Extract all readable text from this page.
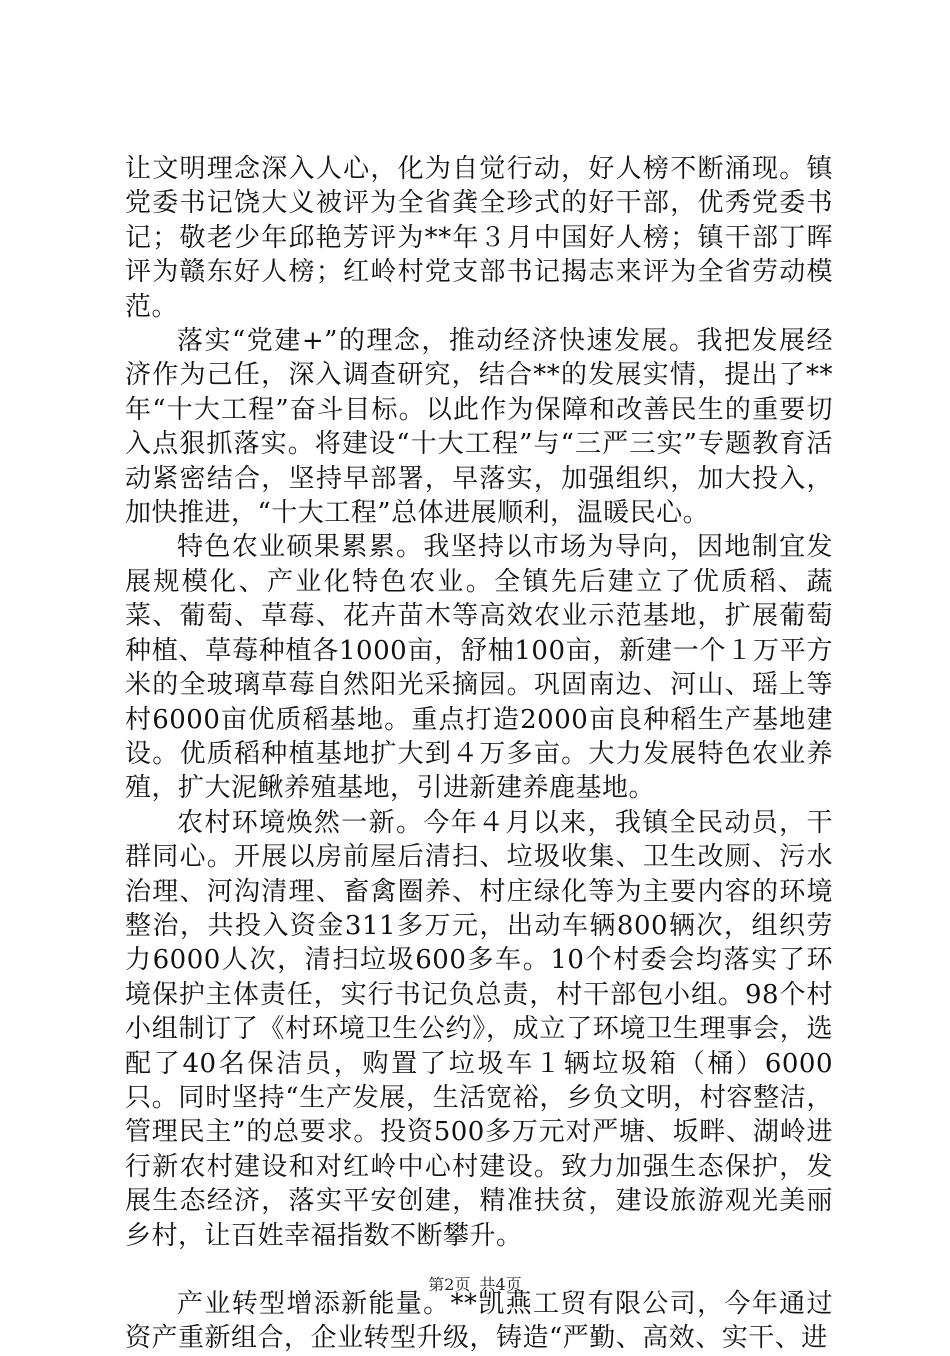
让文明理念深入人心，化为自觉行动，好人榜不断涌现。镇党委书记饶大义被评为全省龚全珍式的好干部，优秀党委书记；敬老少年邱艳芳评为**年３月中国好人榜；镇干部丁晖评为赣东好人榜；红岭村党支部书记揭志来评为全省劳动模范。

落实“党建+”的理念，推动经济快速发展。我把发展经济作为己任，深入调查研究，结合**的发展实情，提出了**年“十大工程”奋斗目标。以此作为保障和改善民生的重要切入点狠抓落实。将建设“十大工程”与“三严三实”专题教育活动紧密结合，坚持早部署，早落实，加强组织，加大投入，加快推进，“十大工程”总体进展顺利，温暖民心。

特色农业硕果累累。我坚持以市场为导向，因地制宜发展规模化、产业化特色农业。全镇先后建立了优质稻、蔬菜、葡萄、草莓、花卉苗木等高效农业示范基地，扩展葡萄种植、草莓种植各1000亩，舒柚100亩，新建一个１万平方米的全玻璃草莓自然阳光采摘园。巩固南边、河山、瑶上等村6000亩优质稻基地。重点打造2000亩良种稻生产基地建设。优质稻种植基地扩大到４万多亩。大力发展特色农业养殖，扩大泥鳅养殖基地，引进新建养鹿基地。

农村环境焕然一新。今年４月以来，我镇全民动员，干群同心。开展以房前屋后清扫、垃圾收集、卫生改厕、污水治理、河沟清理、畜禽圈养、村庄绿化等为主要内容的环境整治，共投入资金311多万元，出动车辆800辆次，组织劳力6000人次，清扫垃圾600多车。10个村委会均落实了环境保护主体责任，实行书记负总责，村干部包小组。98个村小组制订了《村环境卫生公约》，成立了环境卫生理事会，选配了40名保洁员，购置了垃圾车１辆垃圾箱（桶）6000只。同时坚持“生产发展，生活宽裕，乡负文明，村容整洁，管理民主”的总要求。投资500多万元对严塘、坂畔、湖岭进行新农村建设和对红岭中心村建设。致力加强生态保护，发展生态经济，落实平安创建，精准扶贫，建设旅游观光美丽乡村，让百姓幸福指数不断攀升。

产业转型增添新能量。**凯燕工贸有限公司，今年通过资产重新组合，企业转型升级，铸造“严勤、高效、实干、进

第2页 共4页
